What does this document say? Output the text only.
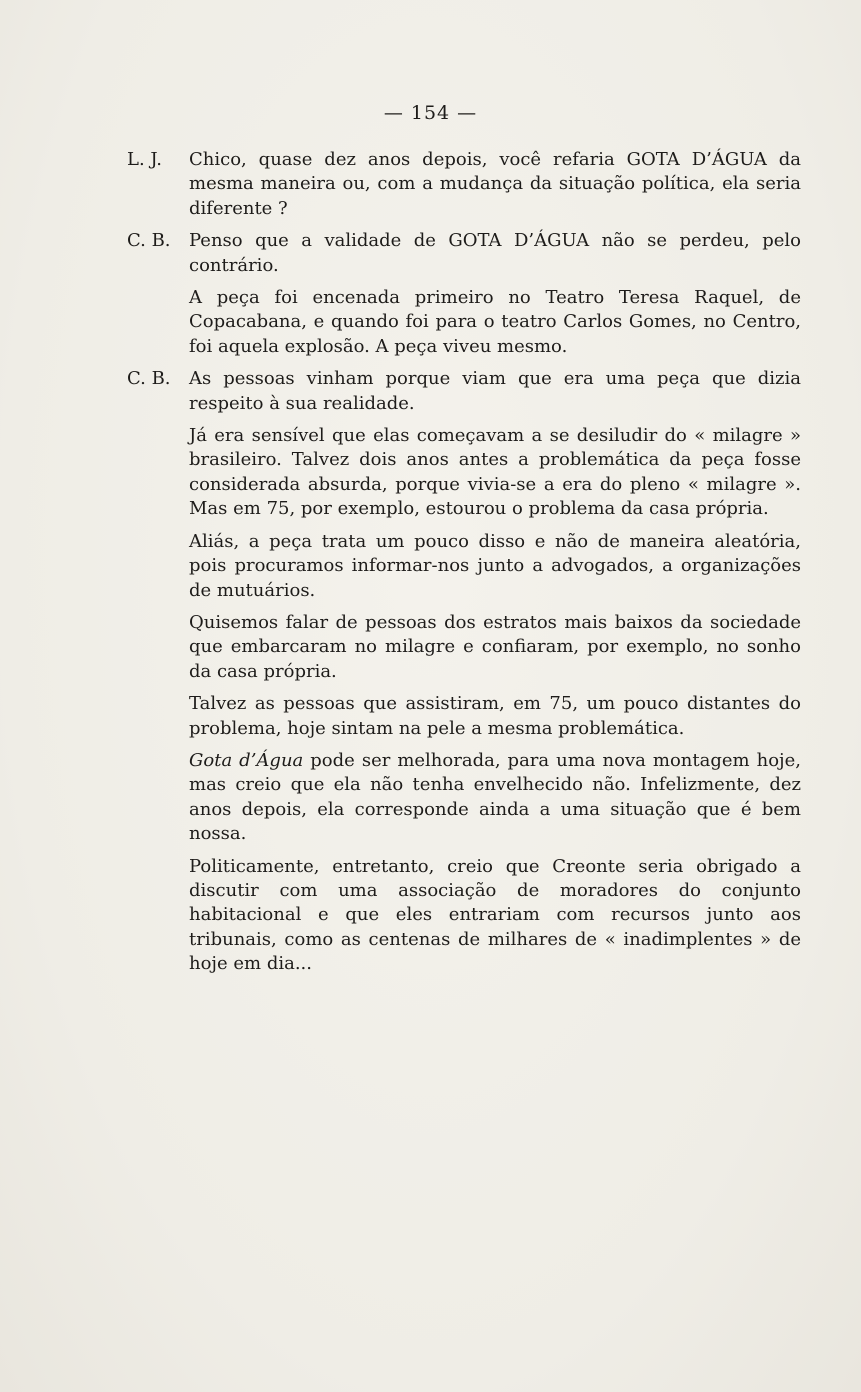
— 154 —
L. J.	Chico, quase dez anos depois, você refaria GOTA D’ÁGUA da mesma maneira ou, com a mudança da situação política, ela seria diferente ?

C. B.	Penso que a validade de GOTA D’ÁGUA não se perdeu, pelo contrário.

A peça foi encenada primeiro no Teatro Teresa Raquel, de Copacabana, e quando foi para o teatro Carlos Gomes, no Centro, foi aquela explosão. A peça viveu mesmo.

C. B.	As pessoas vinham porque viam que era uma peça que dizia respeito à sua realidade.

Já era sensível que elas começavam a se desiludir do « milagre » brasileiro. Talvez dois anos antes a problemática da peça fosse considerada absurda, porque vivia-se a era do pleno « milagre ». Mas em 75, por exemplo, estourou o problema da casa própria.

Aliás, a peça trata um pouco disso e não de maneira aleatória, pois procuramos informar-nos junto a advogados, a organizações de mutuários.

Quisemos falar de pessoas dos estratos mais baixos da sociedade que embarcaram no milagre e confiaram, por exemplo, no sonho da casa própria.

Talvez as pessoas que assistiram, em 75, um pouco distantes do problema, hoje sintam na pele a mesma problemática.

Gota d’Água pode ser melhorada, para uma nova montagem hoje, mas creio que ela não tenha envelhecido não. Infelizmente, dez anos depois, ela corresponde ainda a uma situação que é bem nossa.

Politicamente, entretanto, creio que Creonte seria obrigado a discutir com uma associação de moradores do conjunto habitacional e que eles entrariam com recursos junto aos tribunais, como as centenas de milhares de « inadimplentes » de hoje em dia...
